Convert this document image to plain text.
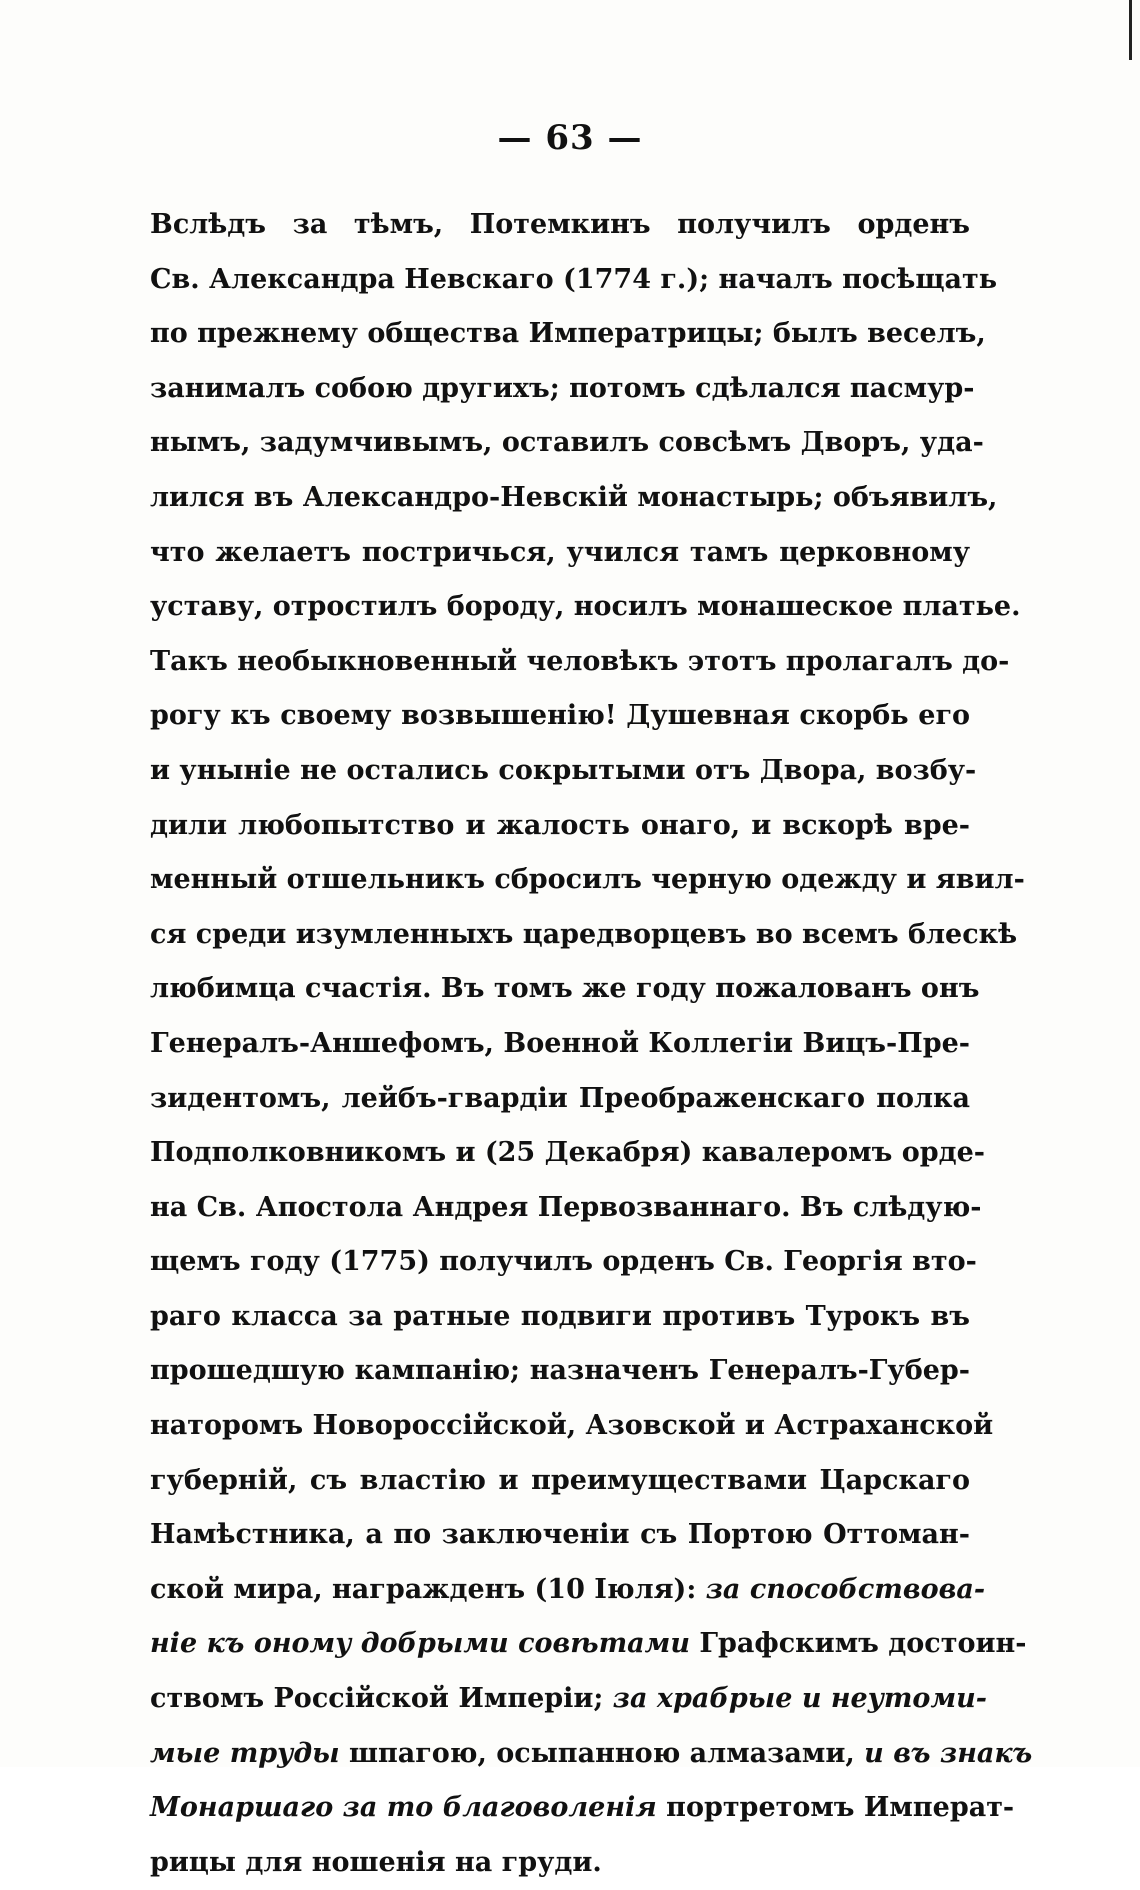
— 63 —
Вслѣдъ за тѣмъ, Потемкинъ получилъ орденъ
Св. Александра Невскаго (1774 г.); началъ посѣщать
по прежнему общества Императрицы; былъ веселъ,
занималъ собою другихъ; потомъ сдѣлался пасмур-
нымъ, задумчивымъ, оставилъ совсѣмъ Дворъ, уда-
лился въ Александро-Невскій монастырь; объявилъ,
что желаетъ постричься, учился тамъ церковному
уставу, отростилъ бороду, носилъ монашеское платье.
Такъ необыкновенный человѣкъ этотъ пролагалъ до-
рогу къ своему возвышенію! Душевная скорбь его
и уныніе не остались сокрытыми отъ Двора, возбу-
дили любопытство и жалость онаго, и вскорѣ вре-
менный отшельникъ сбросилъ черную одежду и явил-
ся среди изумленныхъ царедворцевъ во всемъ блескѣ
любимца счастія. Въ томъ же году пожалованъ онъ
Генералъ-Аншефомъ, Военной Коллегіи Вицъ-Пре-
зидентомъ, лейбъ-гвардіи Преображенскаго полка
Подполковникомъ и (25 Декабря) кавалеромъ орде-
на Св. Апостола Андрея Первозваннаго. Въ слѣдую-
щемъ году (1775) получилъ орденъ Св. Георгія вто-
раго класса за ратные подвиги противъ Турокъ въ
прошедшую кампанію; назначенъ Генералъ-Губер-
наторомъ Новороссійской, Азовской и Астраханской
губерній, съ властію и преимуществами Царскаго
Намѣстника, а по заключеніи съ Портою Оттоман-
ской мира, награжденъ (10 Іюля): за способствова-
ніе къ оному добрыми совѣтами Графскимъ достоин-
ствомъ Россійской Имперіи; за храбрые и неутоми-
мые труды шпагою, осыпанною алмазами, и въ знакъ
Монаршаго за то благоволенія портретомъ Императ-
рицы для ношенія на груди.
